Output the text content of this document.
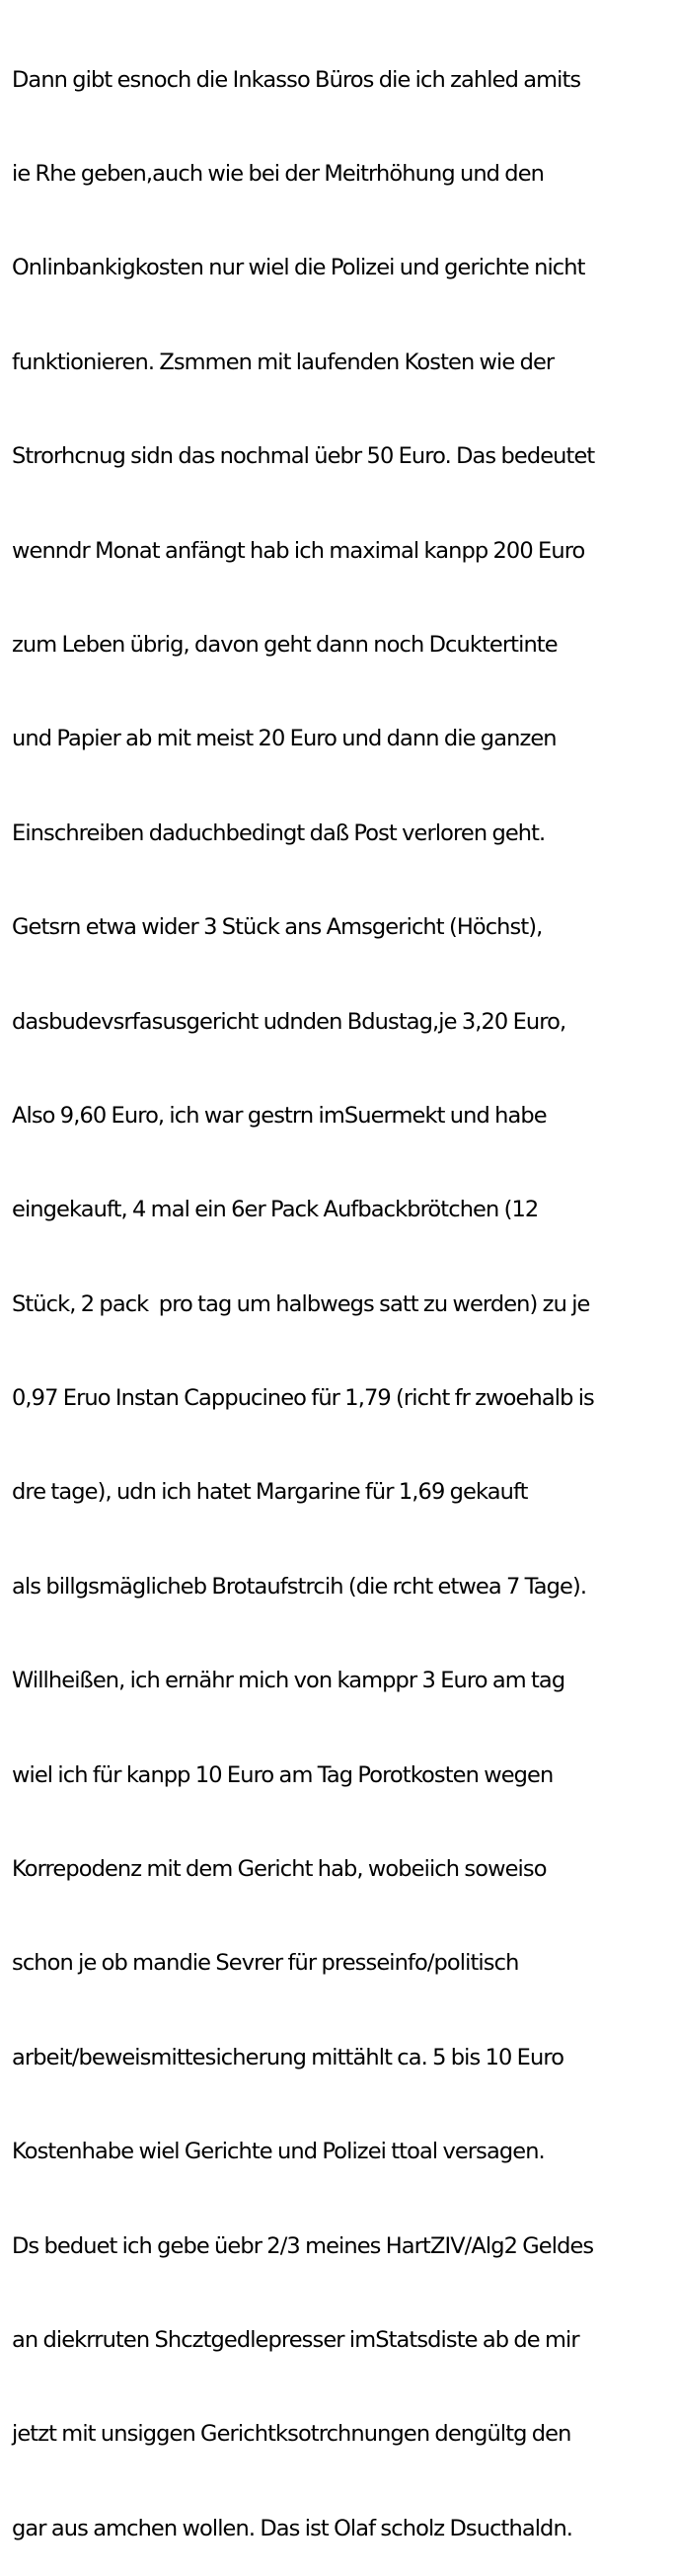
Dann gibt esnoch die Inkasso Büros die ich zahled amits

ie Rhe geben,auch wie bei der Meitrhöhung und den

Onlinbankigkosten nur wiel die Polizei und gerichte nicht

funktionieren. Zsmmen mit laufenden Kosten wie der

Strorhcnug sidn das nochmal üebr 50 Euro. Das bedeutet

wenndr Monat anfängt hab ich maximal kanpp 200 Euro

zum Leben übrig, davon geht dann noch Dcuktertinte

und Papier ab mit meist 20 Euro und dann die ganzen

Einschreiben daduchbedingt daß Post verloren geht.

Getsrn etwa wider 3 Stück ans Amsgericht (Höchst),

dasbudevsrfasusgericht udnden Bdustag,je 3,20 Euro,

Also 9,60 Euro, ich war gestrn imSuermekt und habe

eingekauft, 4 mal ein 6er Pack Aufbackbrötchen (12

Stück, 2 pack  pro tag um halbwegs satt zu werden) zu je

0,97 Eruo Instan Cappucineo für 1,79 (richt fr zwoehalb is

dre tage), udn ich hatet Margarine für 1,69 gekauft

als billgsmäglicheb Brotaufstrcih (die rcht etwea 7 Tage).

Willheißen, ich ernähr mich von kamppr 3 Euro am tag

wiel ich für kanpp 10 Euro am Tag Porotkosten wegen

Korrepodenz mit dem Gericht hab, wobeiich soweiso

schon je ob mandie Sevrer für presseinfo/politisch

arbeit/beweismittesicherung mittählt ca. 5 bis 10 Euro

Kostenhabe wiel Gerichte und Polizei ttoal versagen.

Ds beduet ich gebe üebr 2/3 meines HartZIV/Alg2 Geldes

an diekrruten Shcztgedlepresser imStatsdiste ab de mir

jetzt mit unsiggen Gerichtksotrchnungen dengültg den

gar aus amchen wollen. Das ist Olaf scholz Dsucthaldn.
